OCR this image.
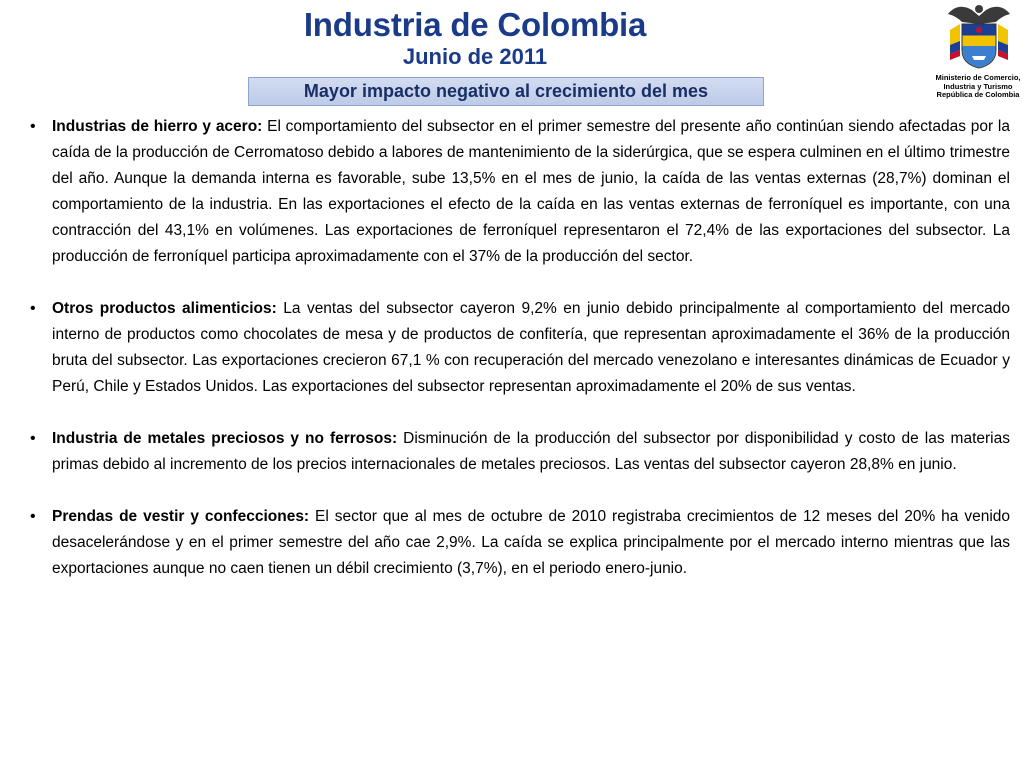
Industria de Colombia
Junio de 2011
Mayor impacto negativo al crecimiento del mes
Ministerio de Comercio,
Industria y Turismo
República de Colombia
•	Industrias de hierro y acero: El comportamiento del subsector en el primer semestre del presente año continúan siendo afectadas por la caída de la producción de Cerromatoso debido a labores de mantenimiento de la siderúrgica, que se espera culminen en el último trimestre del año. Aunque la demanda interna es favorable, sube 13,5% en el mes de junio, la caída de las ventas externas (28,7%) dominan el comportamiento de la industria. En las exportaciones el efecto de la caída en las ventas externas de ferroníquel es importante, con una contracción del 43,1% en volúmenes. Las exportaciones de ferroníquel representaron el 72,4% de las exportaciones del subsector. La producción de ferroníquel participa aproximadamente con el 37% de la producción del sector.
•	Otros productos alimenticios: La ventas del subsector cayeron 9,2% en junio debido principalmente al comportamiento del mercado interno de productos como chocolates de mesa y de productos de confitería, que representan aproximadamente el 36% de la producción bruta del subsector. Las exportaciones crecieron 67,1 % con recuperación del mercado venezolano e interesantes dinámicas de Ecuador y Perú, Chile y Estados Unidos. Las exportaciones del subsector representan aproximadamente el 20% de sus ventas.
•	Industria de metales preciosos y no ferrosos: Disminución de la producción del subsector por disponibilidad y costo de las materias primas debido al incremento de los precios internacionales de metales preciosos. Las ventas del subsector cayeron 28,8% en junio.
•	Prendas de vestir y confecciones: El sector que al mes de octubre de 2010 registraba crecimientos de 12 meses del 20% ha venido desacelerándose y en el primer semestre del año cae 2,9%. La caída se explica principalmente por el mercado interno mientras que las exportaciones aunque no caen tienen un débil crecimiento (3,7%), en el periodo enero-junio.
